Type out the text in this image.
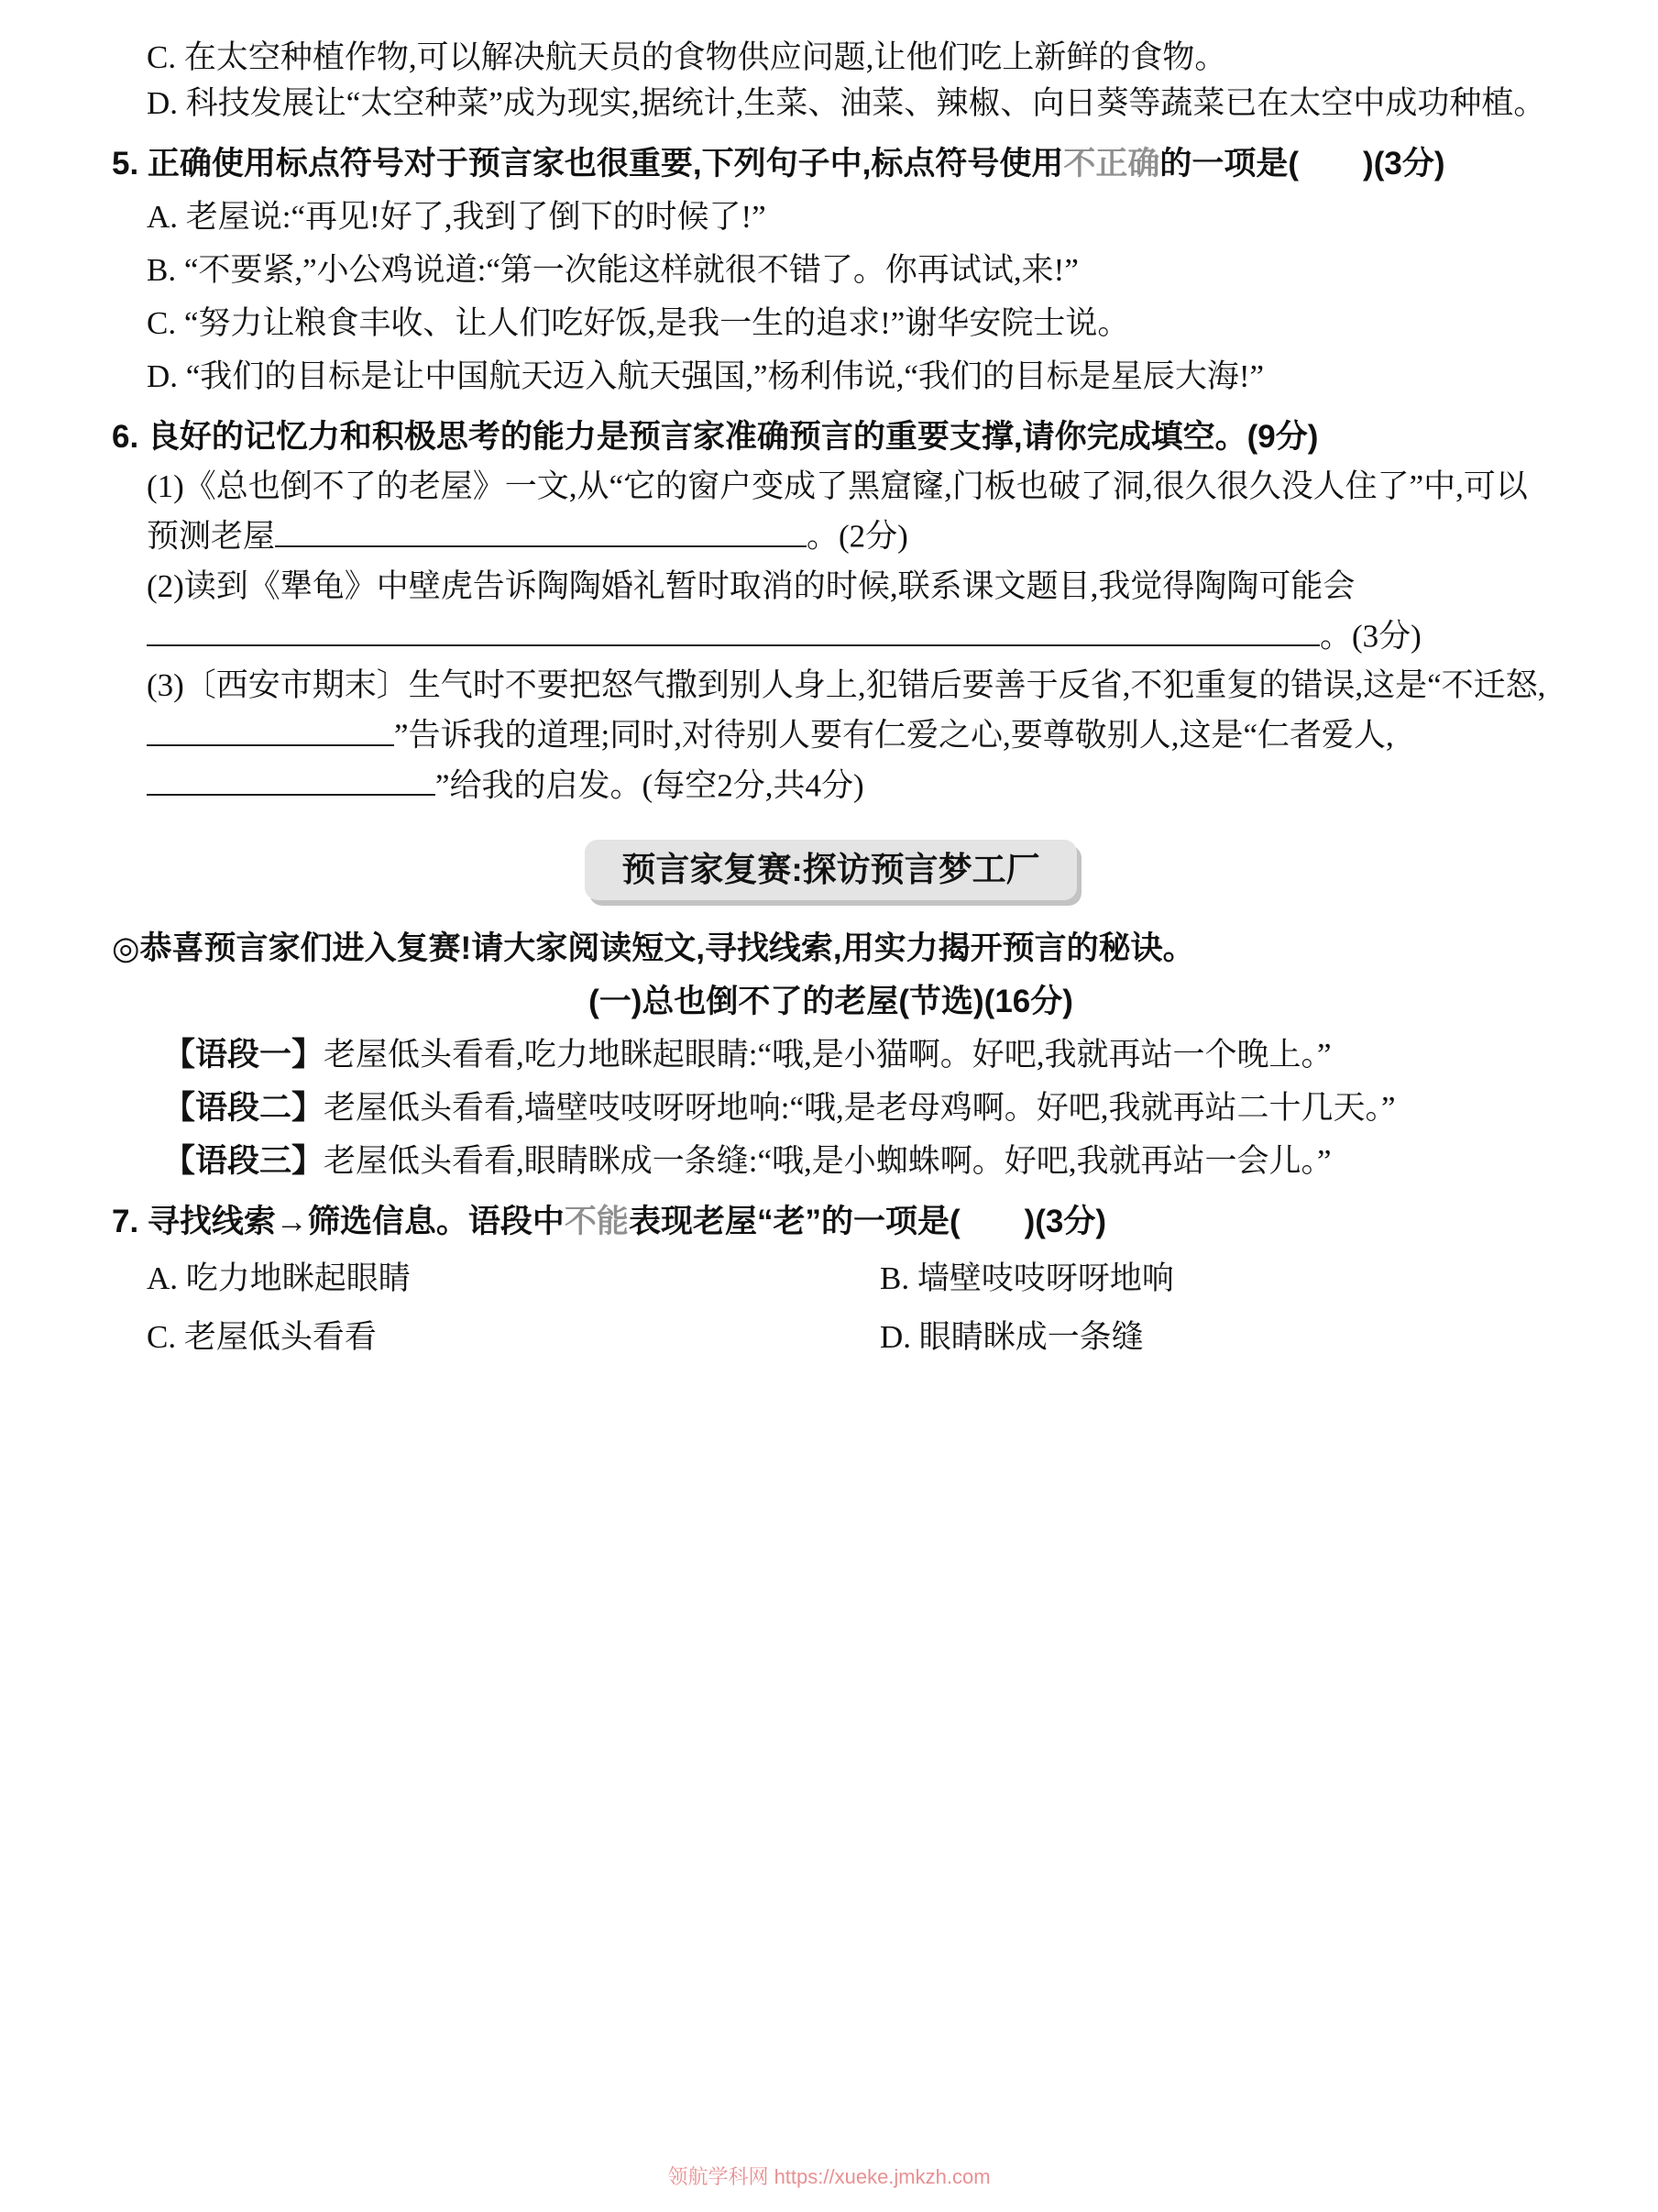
C. 在太空种植作物,可以解决航天员的食物供应问题,让他们吃上新鲜的食物。

D. 科技发展让“太空种菜”成为现实,据统计,生菜、油菜、辣椒、向日葵等蔬菜已在太空中成功种植。

5. 正确使用标点符号对于预言家也很重要,下列句子中,标点符号使用不正确的一项是(　　)(3分)

A. 老屋说:“再见!好了,我到了倒下的时候了!”

B. “不要紧,”小公鸡说道:“第一次能这样就很不错了。你再试试,来!”

C. “努力让粮食丰收、让人们吃好饭,是我一生的追求!”谢华安院士说。

D. “我们的目标是让中国航天迈入航天强国,”杨利伟说,“我们的目标是星辰大海!”

6. 良好的记忆力和积极思考的能力是预言家准确预言的重要支撑,请你完成填空。(9分)

(1)《总也倒不了的老屋》一文,从“它的窗户变成了黑窟窿,门板也破了洞,很久很久没人住了”中,可以预测老屋	。(2分)

(2)读到《犟龟》中壁虎告诉陶陶婚礼暂时取消的时候,联系课文题目,我觉得陶陶可能会。(3分)

(3)〔西安市期末〕生气时不要把怒气撒到别人身上,犯错后要善于反省,不犯重复的错误,这是“不迁怒,”告诉我的道理;同时,对待别人要有仁爱之心,要尊敬别人,这是“仁者爱人,”给我的启发。(每空2分,共4分)

预言家复赛:探访预言梦工厂

◎恭喜预言家们进入复赛!请大家阅读短文,寻找线索,用实力揭开预言的秘诀。

(一)总也倒不了的老屋(节选)(16分)

【语段一】老屋低头看看,吃力地眯起眼睛:“哦,是小猫啊。好吧,我就再站一个晚上。”

【语段二】老屋低头看看,墙壁吱吱呀呀地响:“哦,是老母鸡啊。好吧,我就再站二十几天。”

【语段三】老屋低头看看,眼睛眯成一条缝:“哦,是小蜘蛛啊。好吧,我就再站一会儿。”

7. 寻找线索→筛选信息。语段中不能表现老屋“老”的一项是(　　)(3分)

A. 吃力地眯起眼睛	B. 墙壁吱吱呀呀地响
C. 老屋低头看看	D. 眼睛眯成一条缝
领航学科网 https://xueke.jmkzh.com
